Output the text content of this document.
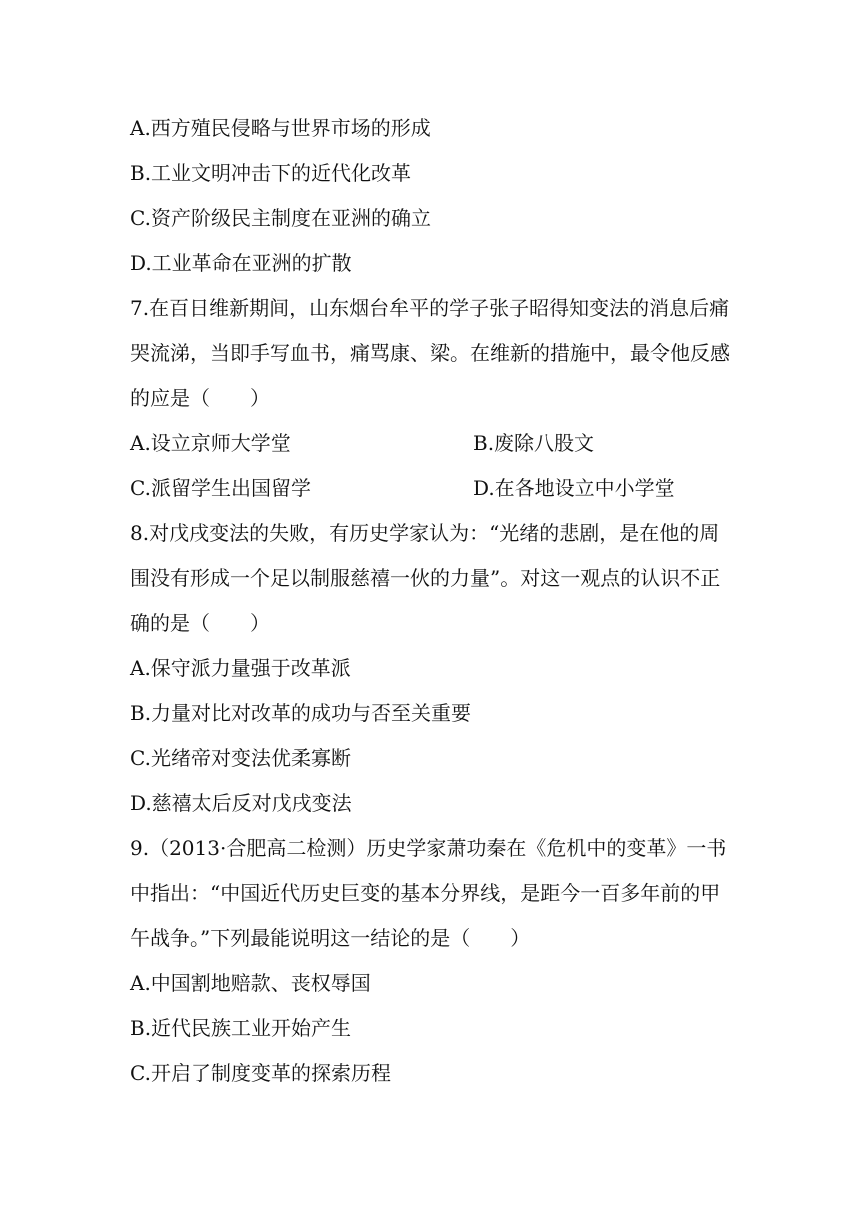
A.西方殖民侵略与世界市场的形成
B.工业文明冲击下的近代化改革
C.资产阶级民主制度在亚洲的确立
D.工业革命在亚洲的扩散
7.在百日维新期间，山东烟台牟平的学子张子昭得知变法的消息后痛
哭流涕，当即手写血书，痛骂康、梁。在维新的措施中，最令他反感
的应是（　　）
A.设立京师大学堂	B.废除八股文
C.派留学生出国留学	D.在各地设立中小学堂
8.对戊戌变法的失败，有历史学家认为：“光绪的悲剧，是在他的周
围没有形成一个足以制服慈禧一伙的力量”。对这一观点的认识不正
确的是（　　）
A.保守派力量强于改革派
B.力量对比对改革的成功与否至关重要
C.光绪帝对变法优柔寡断
D.慈禧太后反对戊戌变法
9.（2013·合肥高二检测）历史学家萧功秦在《危机中的变革》一书
中指出：“中国近代历史巨变的基本分界线，是距今一百多年前的甲
午战争。”下列最能说明这一结论的是（　　）
A.中国割地赔款、丧权辱国
B.近代民族工业开始产生
C.开启了制度变革的探索历程
